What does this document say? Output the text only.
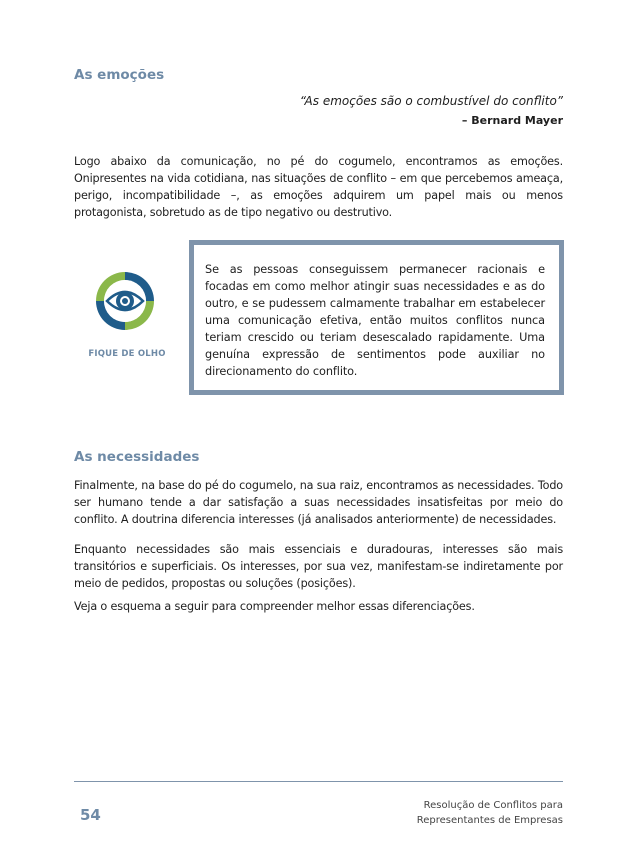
As emoções
“As emoções são o combustível do conflito”
– Bernard Mayer

Logo abaixo da comunicação, no pé do cogumelo, encontramos as emoções. Onipresentes na vida cotidiana, nas situações de conflito – em que percebemos ameaça, perigo, incompatibilidade –, as emoções adquirem um papel mais ou menos protagonista, sobretudo as de tipo negativo ou destrutivo.

FIQUE DE OLHO

Se as pessoas conseguissem permanecer racionais e focadas em como melhor atingir suas necessidades e as do outro, e se pudessem calmamente trabalhar em estabelecer uma comunicação efetiva, então muitos conflitos nunca teriam crescido ou teriam desescalado rapidamente. Uma genuína expressão de sentimentos pode auxiliar no direcionamento do conflito.

As necessidades

Finalmente, na base do pé do cogumelo, na sua raiz, encontramos as necessidades. Todo ser humano tende a dar satisfação a suas necessidades insatisfeitas por meio do conflito. A doutrina diferencia interesses (já analisados anteriormente) de necessidades.

Enquanto necessidades são mais essenciais e duradouras, interesses são mais transitórios e superficiais. Os interesses, por sua vez, manifestam-se indiretamente por meio de pedidos, propostas ou soluções (posições).

Veja o esquema a seguir para compreender melhor essas diferenciações.

54
Resolução de Conflitos para
Representantes de Empresas
